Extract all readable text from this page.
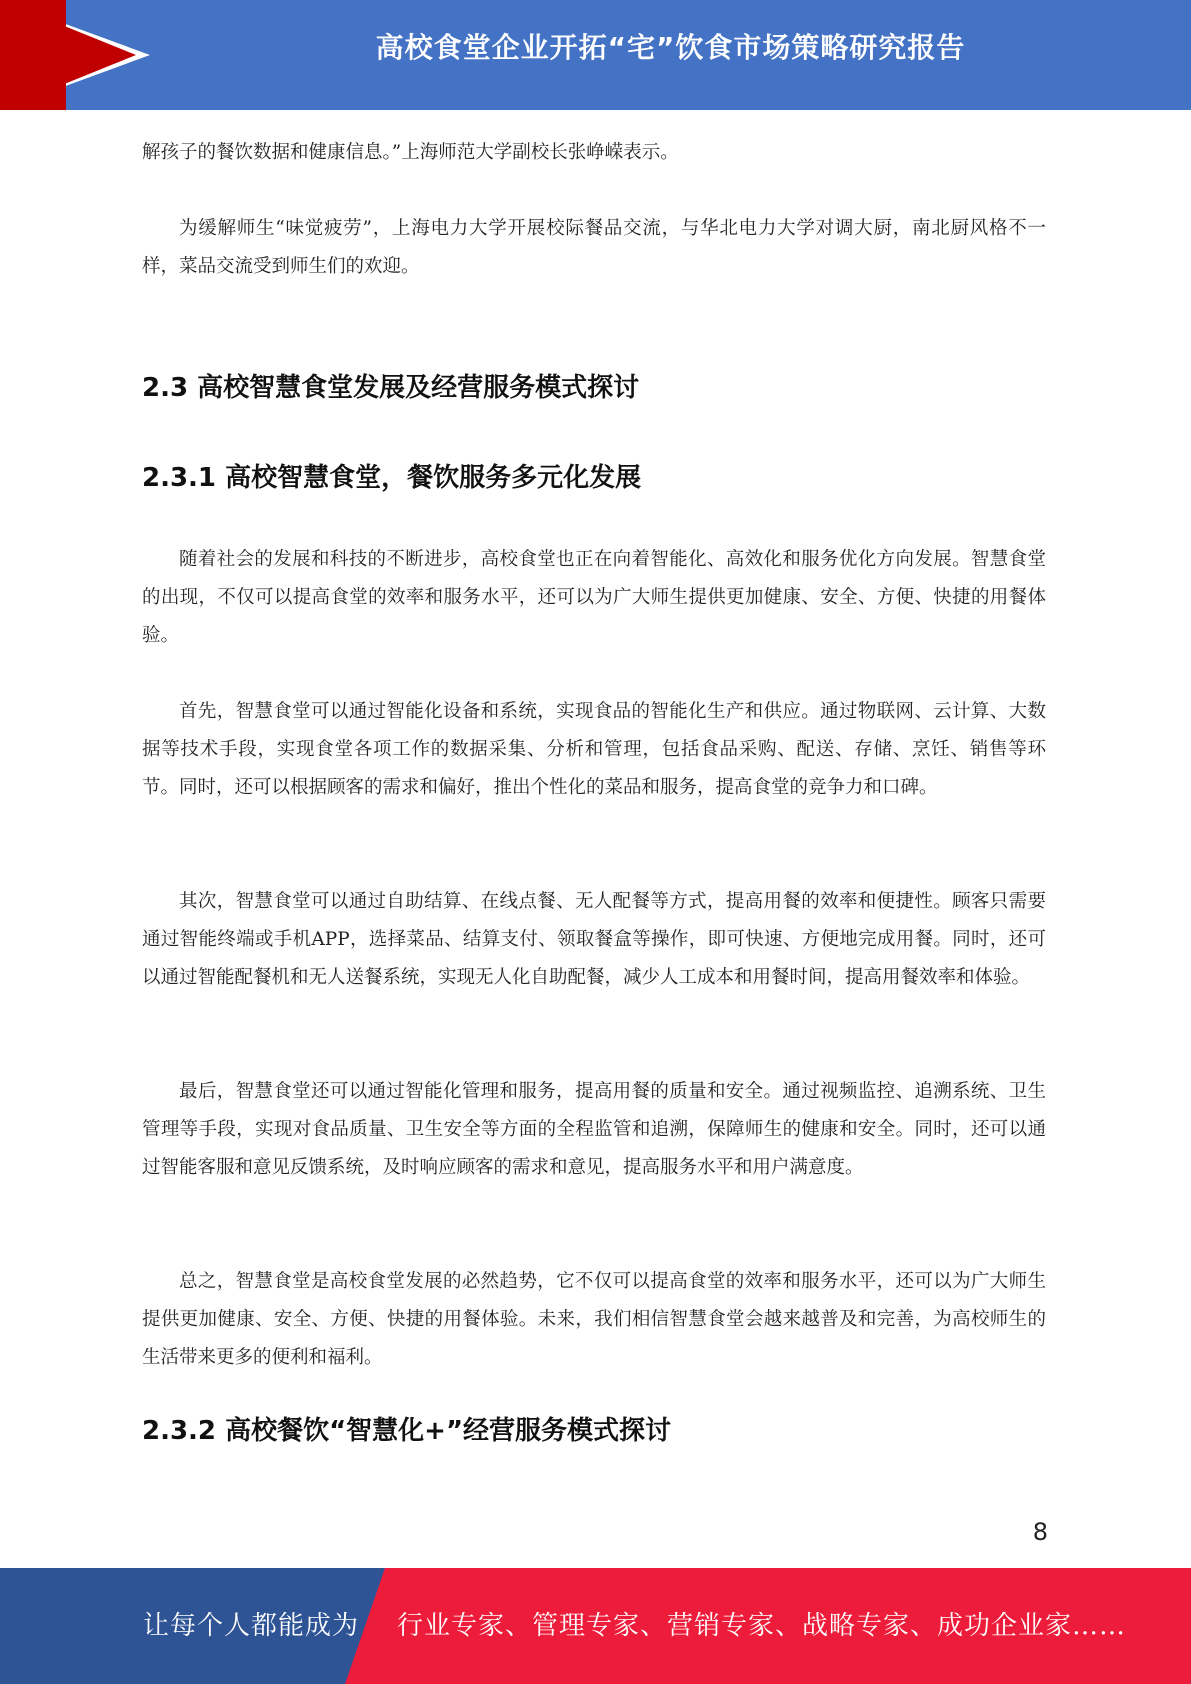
高校食堂企业开拓“宅”饮食市场策略研究报告

解孩子的餐饮数据和健康信息。”上海师范大学副校长张峥嵘表示。

为缓解师生“味觉疲劳”，上海电力大学开展校际餐品交流，与华北电力大学对调大厨，南北厨风格不一样，菜品交流受到师生们的欢迎。

2.3 高校智慧食堂发展及经营服务模式探讨
2.3.1 高校智慧食堂，餐饮服务多元化发展

随着社会的发展和科技的不断进步，高校食堂也正在向着智能化、高效化和服务优化方向发展。智慧食堂的出现，不仅可以提高食堂的效率和服务水平，还可以为广大师生提供更加健康、安全、方便、快捷的用餐体验。

首先，智慧食堂可以通过智能化设备和系统，实现食品的智能化生产和供应。通过物联网、云计算、大数据等技术手段，实现食堂各项工作的数据采集、分析和管理，包括食品采购、配送、存储、烹饪、销售等环节。同时，还可以根据顾客的需求和偏好，推出个性化的菜品和服务，提高食堂的竞争力和口碑。

其次，智慧食堂可以通过自助结算、在线点餐、无人配餐等方式，提高用餐的效率和便捷性。顾客只需要通过智能终端或手机APP，选择菜品、结算支付、领取餐盒等操作，即可快速、方便地完成用餐。同时，还可以通过智能配餐机和无人送餐系统，实现无人化自助配餐，减少人工成本和用餐时间，提高用餐效率和体验。

最后，智慧食堂还可以通过智能化管理和服务，提高用餐的质量和安全。通过视频监控、追溯系统、卫生管理等手段，实现对食品质量、卫生安全等方面的全程监管和追溯，保障师生的健康和安全。同时，还可以通过智能客服和意见反馈系统，及时响应顾客的需求和意见，提高服务水平和用户满意度。

总之，智慧食堂是高校食堂发展的必然趋势，它不仅可以提高食堂的效率和服务水平，还可以为广大师生提供更加健康、安全、方便、快捷的用餐体验。未来，我们相信智慧食堂会越来越普及和完善，为高校师生的生活带来更多的便利和福利。

2.3.2 高校餐饮“智慧化+”经营服务模式探讨
8
让每个人都能成为 行业专家、管理专家、营销专家、战略专家、成功企业家……
